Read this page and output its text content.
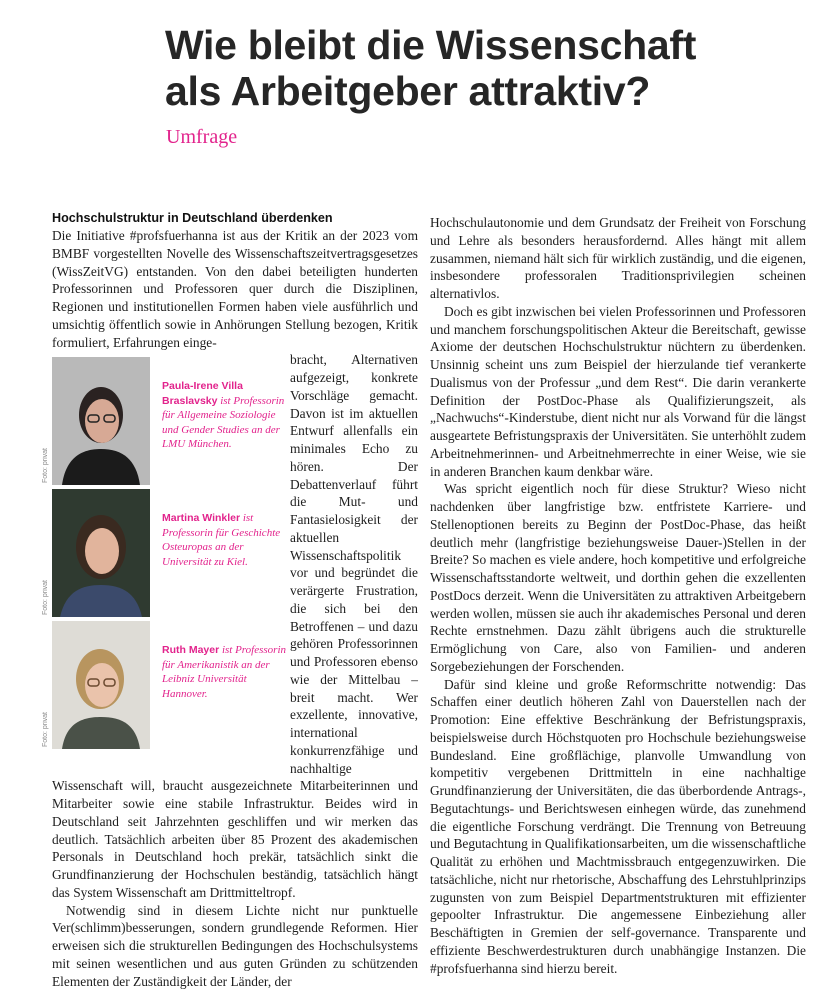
Wie bleibt die Wissenschaft
als Arbeitgeber attraktiv?
Umfrage
Hochschulstruktur in Deutschland überdenken

Die Initiative #profsfuerhanna ist aus der Kritik an der 2023 vom BMBF vorgestellten Novelle des Wissenschaftszeitvertragsgesetzes (WissZeitVG) entstanden. Von den dabei beteiligten hunderten Professorinnen und Professoren quer durch die Disziplinen, Regionen und institutionellen Formen haben viele ausführlich und umsichtig öffentlich sowie in Anhörungen Stellung bezogen, Kritik formuliert, Erfahrungen einge-

Foto: privat
Paula-Irene Villa Braslavsky ist Professorin für Allgemeine Soziologie und Gender Studies an der LMU München.
Foto: privat
Martina Winkler ist Professorin für Geschichte Osteuropas an der Universität zu Kiel.
Foto: privat
Ruth Mayer ist Professorin für Amerikanistik an der Leibniz Universität Hannover.
bracht, Alternativen aufgezeigt, konkrete Vorschläge gemacht. Davon ist im aktuellen Entwurf allenfalls ein minimales Echo zu hören. Der Debattenverlauf führt die Mut- und Fantasielosigkeit der aktuellen Wissenschaftspolitik vor und begründet die verärgerte Frustration, die sich bei den Betroffenen – und dazu gehören Professorinnen und Professoren ebenso wie der Mittelbau – breit macht. Wer exzellente, innovative, international konkurrenzfähige und nachhaltige Wissenschaft will, braucht ausgezeichnete Mitarbeiterinnen und Mitarbeiter sowie eine stabile Infrastruktur. Beides wird in Deutschland seit Jahrzehnten geschliffen und wir merken das deutlich. Tatsächlich arbeiten über 85 Prozent des akademischen Personals in Deutschland hoch prekär, tatsächlich sinkt die Grundfinanzierung der Hochschulen beständig, tatsächlich hängt das System Wissenschaft am Drittmitteltropf.

Notwendig sind in diesem Lichte nicht nur punktuelle Ver(schlimm)besserungen, sondern grundlegende Reformen. Hier erweisen sich die strukturellen Bedingungen des Hochschulsystems mit seinen wesentlichen und aus guten Gründen zu schützenden Elementen der Zuständigkeit der Länder, der

Hochschulautonomie und dem Grundsatz der Freiheit von Forschung und Lehre als besonders herausfordernd. Alles hängt mit allem zusammen, niemand hält sich für wirklich zuständig, und die eigenen, insbesondere professoralen Traditionsprivilegien scheinen alternativlos.

Doch es gibt inzwischen bei vielen Professorinnen und Professoren und manchem forschungspolitischen Akteur die Bereitschaft, gewisse Axiome der deutschen Hochschulstruktur nüchtern zu überdenken. Unsinnig scheint uns zum Beispiel der hierzulande tief verankerte Dualismus von der Professur „und dem Rest“. Die darin verankerte Definition der PostDoc-Phase als Qualifizierungszeit, als „Nachwuchs“-Kinderstube, dient nicht nur als Vorwand für die längst ausgeartete Befristungspraxis der Universitäten. Sie unterhöhlt zudem Arbeitnehmerinnen- und Arbeitnehmerrechte in einer Weise, wie sie in anderen Branchen kaum denkbar wäre.

Was spricht eigentlich noch für diese Struktur? Wieso nicht nachdenken über langfristige bzw. entfristete Karriere- und Stellenoptionen bereits zu Beginn der PostDoc-Phase, das heißt deutlich mehr (langfristige beziehungsweise Dauer-)Stellen in der Breite? So machen es viele andere, hoch kompetitive und erfolgreiche Wissenschaftsstandorte weltweit, und dorthin gehen die exzellenten PostDocs derzeit. Wenn die Universitäten zu attraktiven Arbeitgebern werden wollen, müssen sie auch ihr akademisches Personal und deren Rechte ernstnehmen. Dazu zählt übrigens auch die strukturelle Ermöglichung von Care, also von Familien- und anderen Sorgebeziehungen der Forschenden.

Dafür sind kleine und große Reformschritte notwendig: Das Schaffen einer deutlich höheren Zahl von Dauerstellen nach der Promotion: Eine effektive Beschränkung der Befristungspraxis, beispielsweise durch Höchstquoten pro Hochschule beziehungsweise Bundesland. Eine großflächige, planvolle Umwandlung von kompetitiv vergebenen Drittmitteln in eine nachhaltige Grundfinanzierung der Universitäten, die das überbordende Antrags-, Begutachtungs- und Berichtswesen einhegen würde, das zunehmend die eigentliche Forschung verdrängt. Die Trennung von Betreuung und Begutachtung in Qualifikationsarbeiten, um die wissenschaftliche Qualität zu erhöhen und Machtmissbrauch entgegenzuwirken. Die tatsächliche, nicht nur rhetorische, Abschaffung des Lehrstuhlprinzips zugunsten von zum Beispiel Departmentstrukturen mit effizienter gepoolter Infrastruktur. Die angemessene Einbeziehung aller Beschäftigten in Gremien der self-governance. Transparente und effiziente Beschwerdestrukturen durch unabhängige Instanzen. Die #profsfuerhanna sind hierzu bereit.
